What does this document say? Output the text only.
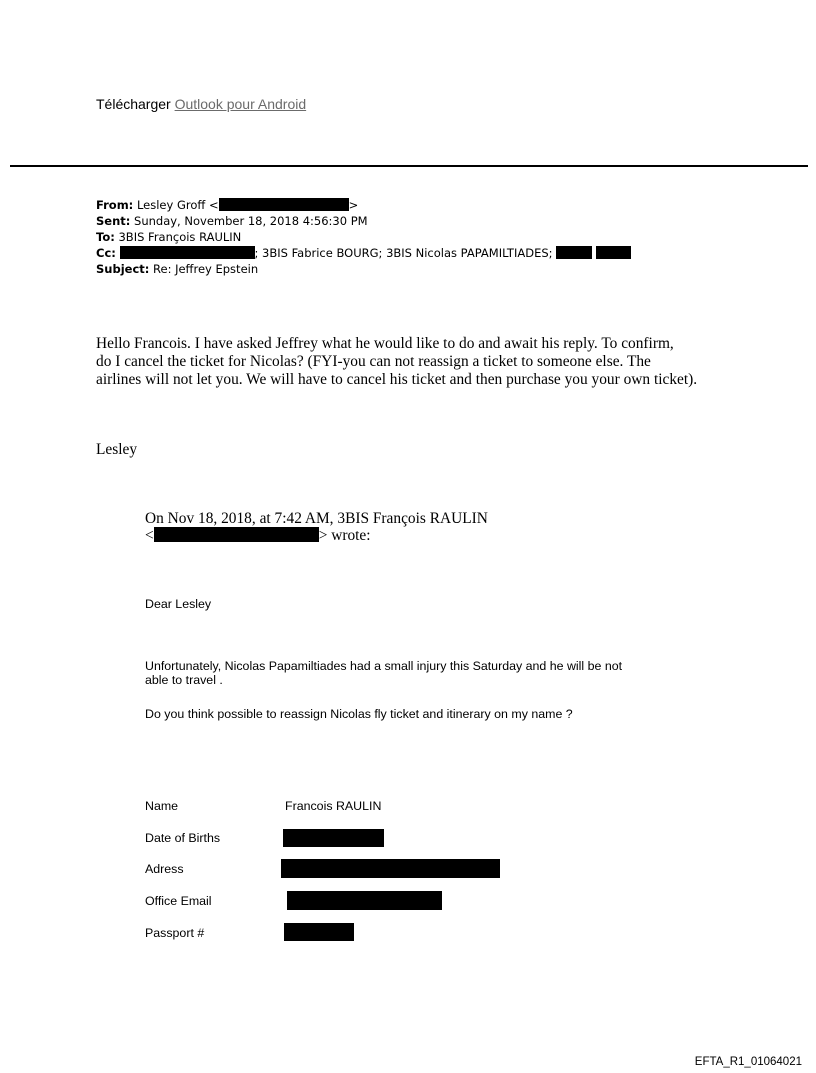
Télécharger Outlook pour Android
From: Lesley Groff <	>
Sent: Sunday, November 18, 2018 4:56:30 PM
To: 3BIS François RAULIN
Cc:	; 3BIS Fabrice BOURG; 3BIS Nicolas PAPAMILTIADES;
Subject: Re: Jeffrey Epstein
Hello Francois. I have asked Jeffrey what he would like to do and await his reply. To confirm,
do I cancel the ticket for Nicolas? (FYI-you can not reassign a ticket to someone else. The
airlines will not let you. We will have to cancel his ticket and then purchase you your own ticket).
Lesley
On Nov 18, 2018, at 7:42 AM, 3BIS François RAULIN
<	> wrote:
Dear Lesley
Unfortunately, Nicolas Papamiltiades had a small injury this Saturday and he will be not
able to travel .
Do you think possible to reassign Nicolas fly ticket and itinerary on my name ?
Name	Francois RAULIN
Date of Births
Adress
Office Email
Passport #
EFTA_R1_01064021
